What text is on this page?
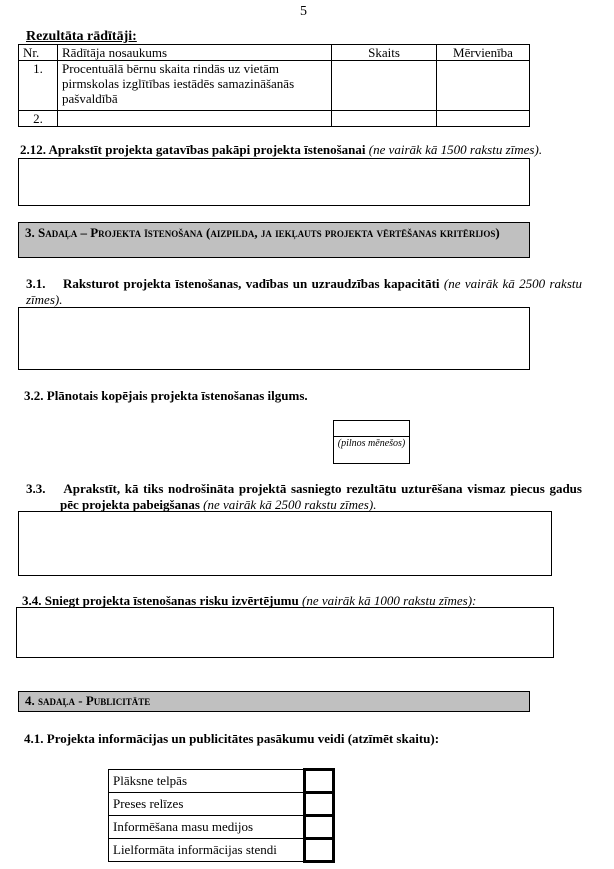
5
Rezultāta rādītāji:
Nr.	Rādītāja nosaukums	Skaits	Mērvienība
1.	Procentuālā bērnu skaita rindās uz vietām pirmskolas izglītības iestādēs samazināšanās pašvaldībā		
2.			

2.12. Aprakstīt projekta gatavības pakāpi projekta īstenošanai (ne vairāk kā 1500 rakstu zīmes).

3. Sadaļa – Projekta īstenošana (aizpilda, ja iekļauts projekta vērtēšanas kritērijos)
3.1. Raksturot projekta īstenošanas, vadības un uzraudzības kapacitāti (ne vairāk kā 2500 rakstu zīmes).
3.2. Plānotais kopējais projekta īstenošanas ilgums.
(pilnos mēnešos)
3.3. Aprakstīt, kā tiks nodrošināta projektā sasniegto rezultātu uzturēšana vismaz piecus gadus pēc projekta pabeigšanas (ne vairāk kā 2500 rakstu zīmes).

3.4. Sniegt projekta īstenošanas risku izvērtējumu (ne vairāk kā 1000 rakstu zīmes):

4. sadaļa - Publicitāte
4.1. Projekta informācijas un publicitātes pasākumu veidi (atzīmēt skaitu):
Plāksne telpās	
Preses relīzes	
Informēšana masu medijos	
Lielformāta informācijas stendi	
